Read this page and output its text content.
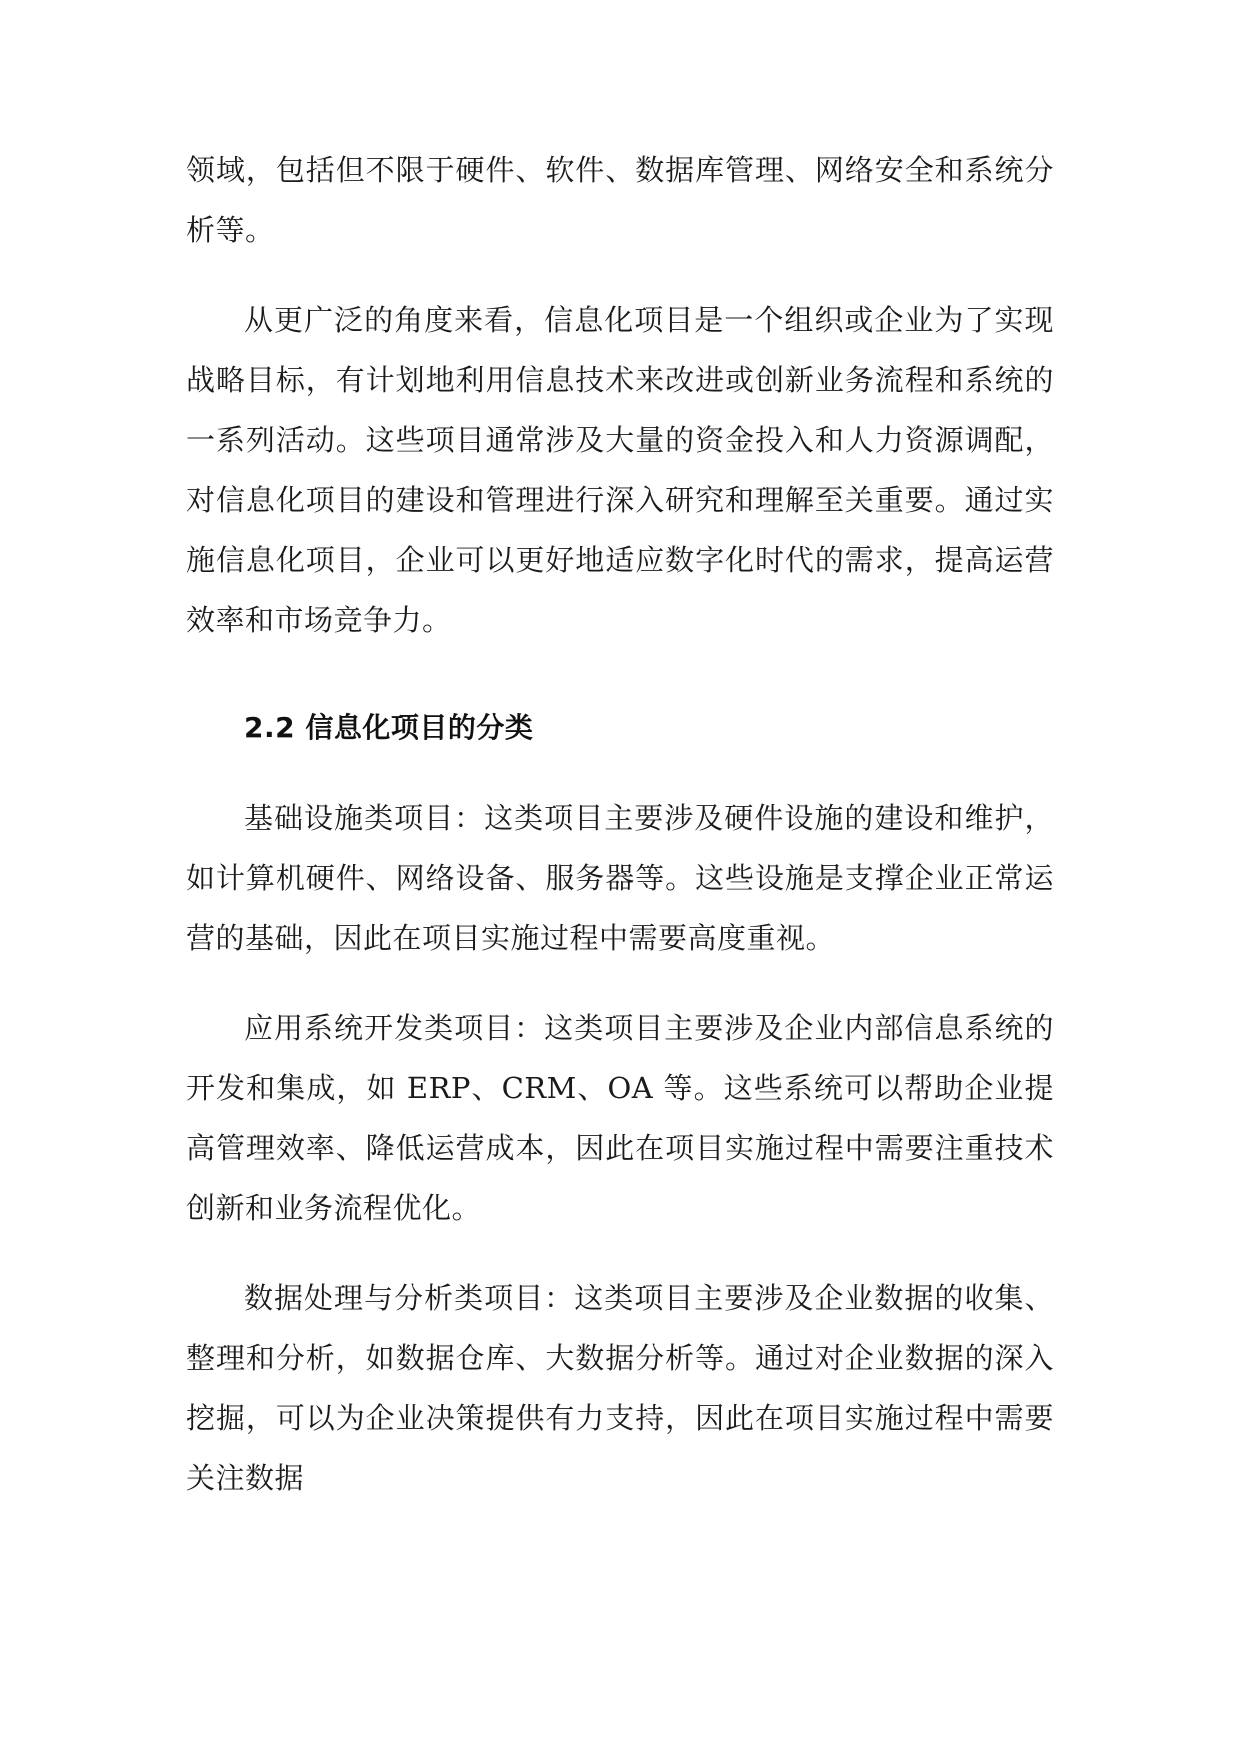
领域，包括但不限于硬件、软件、数据库管理、网络安全和系统分析等。

从更广泛的角度来看，信息化项目是一个组织或企业为了实现战略目标，有计划地利用信息技术来改进或创新业务流程和系统的一系列活动。这些项目通常涉及大量的资金投入和人力资源调配，对信息化项目的建设和管理进行深入研究和理解至关重要。通过实施信息化项目，企业可以更好地适应数字化时代的需求，提高运营效率和市场竞争力。

2.2 信息化项目的分类

基础设施类项目：这类项目主要涉及硬件设施的建设和维护，如计算机硬件、网络设备、服务器等。这些设施是支撑企业正常运营的基础，因此在项目实施过程中需要高度重视。

应用系统开发类项目：这类项目主要涉及企业内部信息系统的开发和集成，如 ERP、CRM、OA 等。这些系统可以帮助企业提高管理效率、降低运营成本，因此在项目实施过程中需要注重技术创新和业务流程优化。

数据处理与分析类项目：这类项目主要涉及企业数据的收集、整理和分析，如数据仓库、大数据分析等。通过对企业数据的深入挖掘，可以为企业决策提供有力支持，因此在项目实施过程中需要关注数据
